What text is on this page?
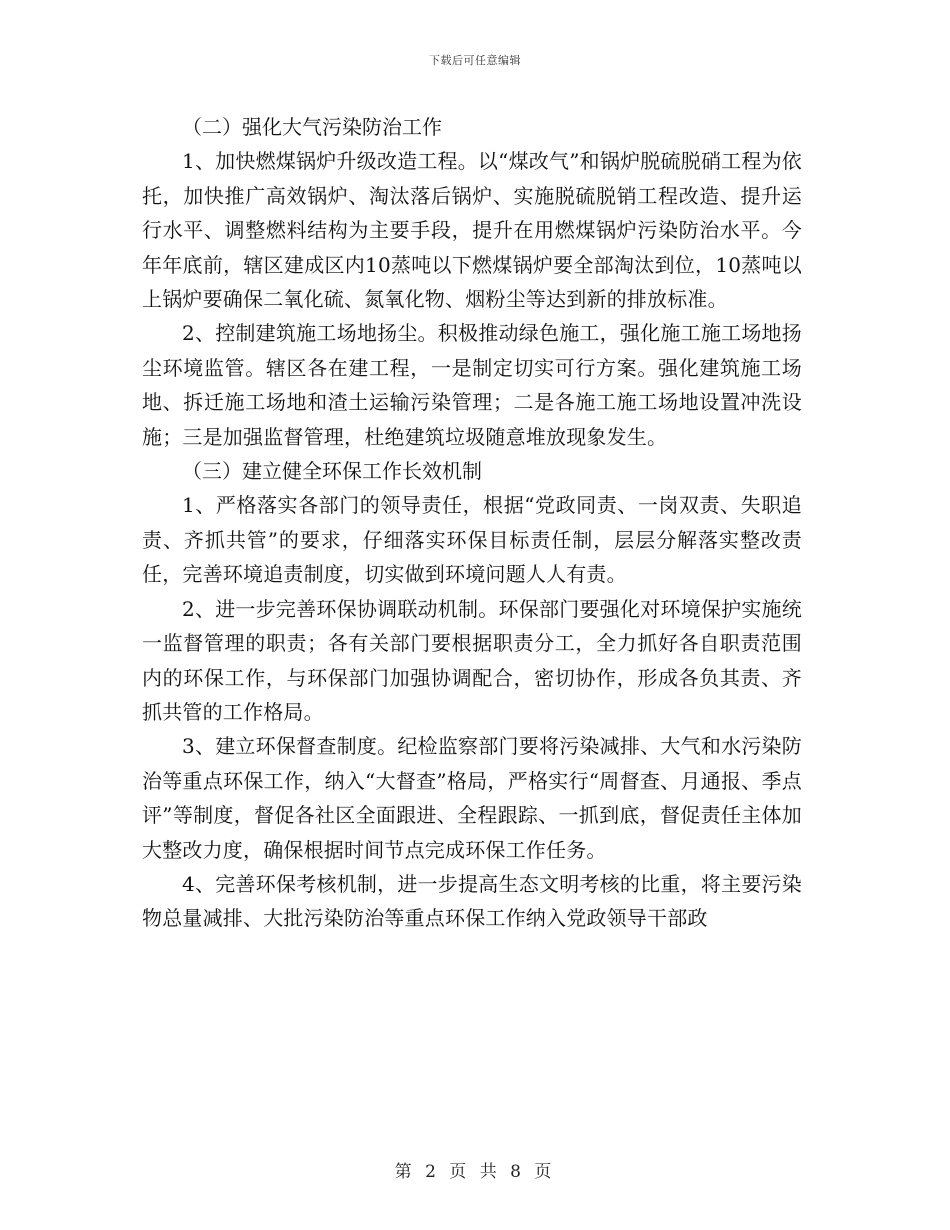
下载后可任意编辑

（二）强化大气污染防治工作

1、加快燃煤锅炉升级改造工程。以“煤改气”和锅炉脱硫脱硝工程为依托，加快推广高效锅炉、淘汰落后锅炉、实施脱硫脱销工程改造、提升运行水平、调整燃料结构为主要手段，提升在用燃煤锅炉污染防治水平。今年年底前，辖区建成区内10蒸吨以下燃煤锅炉要全部淘汰到位，10蒸吨以上锅炉要确保二氧化硫、氮氧化物、烟粉尘等达到新的排放标准。

2、控制建筑施工场地扬尘。积极推动绿色施工，强化施工施工场地扬尘环境监管。辖区各在建工程，一是制定切实可行方案。强化建筑施工场地、拆迁施工场地和渣土运输污染管理；二是各施工施工场地设置冲洗设施；三是加强监督管理，杜绝建筑垃圾随意堆放现象发生。

（三）建立健全环保工作长效机制

1、严格落实各部门的领导责任，根据“党政同责、一岗双责、失职追责、齐抓共管”的要求，仔细落实环保目标责任制，层层分解落实整改责任，完善环境追责制度，切实做到环境问题人人有责。

2、进一步完善环保协调联动机制。环保部门要强化对环境保护实施统一监督管理的职责；各有关部门要根据职责分工，全力抓好各自职责范围内的环保工作，与环保部门加强协调配合，密切协作，形成各负其责、齐抓共管的工作格局。

3、建立环保督查制度。纪检监察部门要将污染减排、大气和水污染防治等重点环保工作，纳入“大督查”格局，严格实行“周督查、月通报、季点评”等制度，督促各社区全面跟进、全程跟踪、一抓到底，督促责任主体加大整改力度，确保根据时间节点完成环保工作任务。

4、完善环保考核机制，进一步提高生态文明考核的比重，将主要污染物总量减排、大批污染防治等重点环保工作纳入党政领导干部政

第 2 页 共 8 页
